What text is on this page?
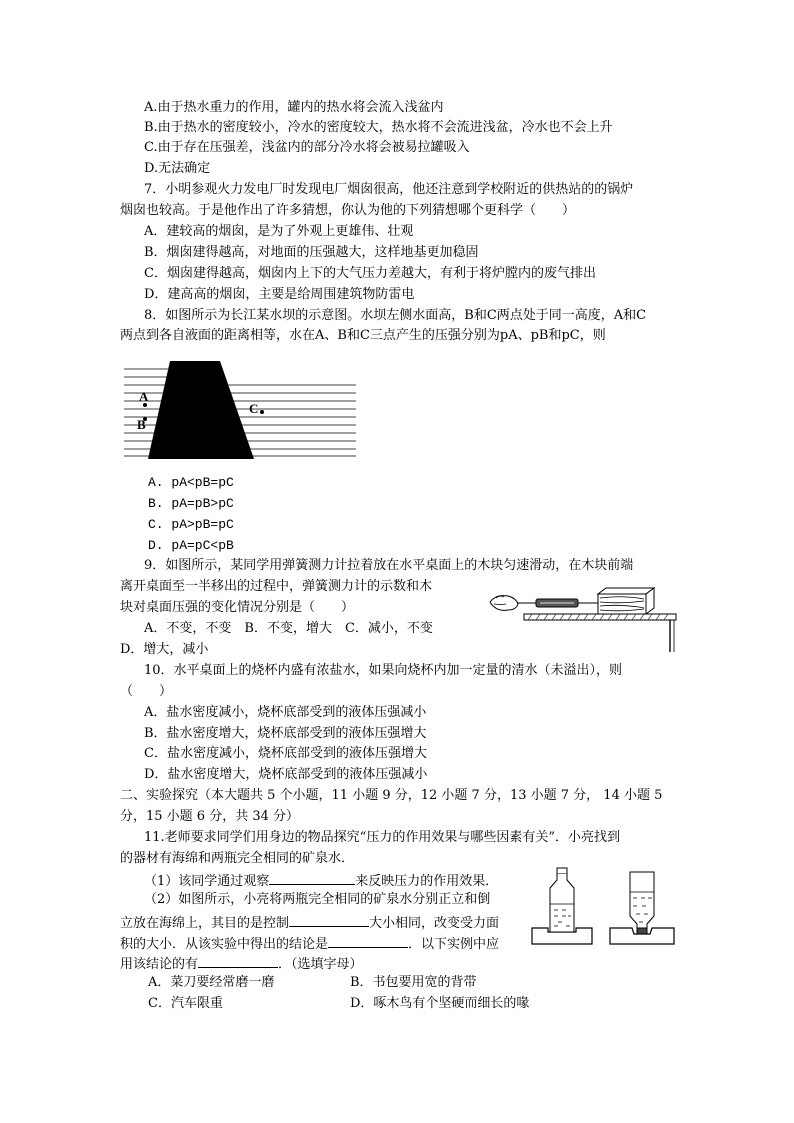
A.由于热水重力的作用，罐内的热水将会流入浅盆内
B.由于热水的密度较小，冷水的密度较大，热水将不会流进浅盆，冷水也不会上升
C.由于存在压强差，浅盆内的部分冷水将会被易拉罐吸入
D.无法确定
7．小明参观火力发电厂时发现电厂烟囱很高，他还注意到学校附近的供热站的的锅炉
烟囱也较高。于是他作出了许多猜想，你认为他的下列猜想哪个更科学（　　）
A．建较高的烟囱，是为了外观上更雄伟、壮观
B．烟囱建得越高，对地面的压强越大，这样地基更加稳固
C．烟囱建得越高，烟囱内上下的大气压力差越大，有利于将炉膛内的废气排出
D．建高高的烟囱，主要是给周围建筑物防雷电
8．如图所示为长江某水坝的示意图。水坝左侧水面高，B和C两点处于同一高度，A和C
两点到各自液面的距离相等，水在A、B和C三点产生的压强分别为pA、pB和pC，则
A
B
C
A. pA<pB=pC
B. pA=pB>pC
C. pA>pB=pC
D. pA=pC<pB
9．如图所示，某同学用弹簧测力计拉着放在水平桌面上的木块匀速滑动，在木块前端
离开桌面至一半移出的过程中，弹簧测力计的示数和木
块对桌面压强的变化情况分别是（　　）
A．不变，不变　B．不变，增大　C．减小，不变
D．增大，减小
10．水平桌面上的烧杯内盛有浓盐水，如果向烧杯内加一定量的清水（未溢出），则
（　　）
A．盐水密度减小，烧杯底部受到的液体压强减小
B．盐水密度增大，烧杯底部受到的液体压强增大
C．盐水密度减小，烧杯底部受到的液体压强增大
D．盐水密度增大，烧杯底部受到的液体压强减小
二、实验探究（本大题共 5 个小题，11 小题 9 分，12 小题 7 分，13 小题 7 分， 14 小题 5
分，15 小题 6 分，共 34 分）
11.老师要求同学们用身边的物品探究“压力的作用效果与哪些因素有关”．小亮找到
的器材有海绵和两瓶完全相同的矿泉水．
（1）该同学通过观察	来反映压力的作用效果．
（2）如图所示，小亮将两瓶完全相同的矿泉水分别正立和倒
立放在海绵上，其目的是控制	大小相同，改变受力面
积的大小．从该实验中得出的结论是	．以下实例中应
用该结论的有	．（选填字母）
A．菜刀要经常磨一磨	B．书包要用宽的背带
C．汽车限重	D．啄木鸟有个坚硬而细长的喙
